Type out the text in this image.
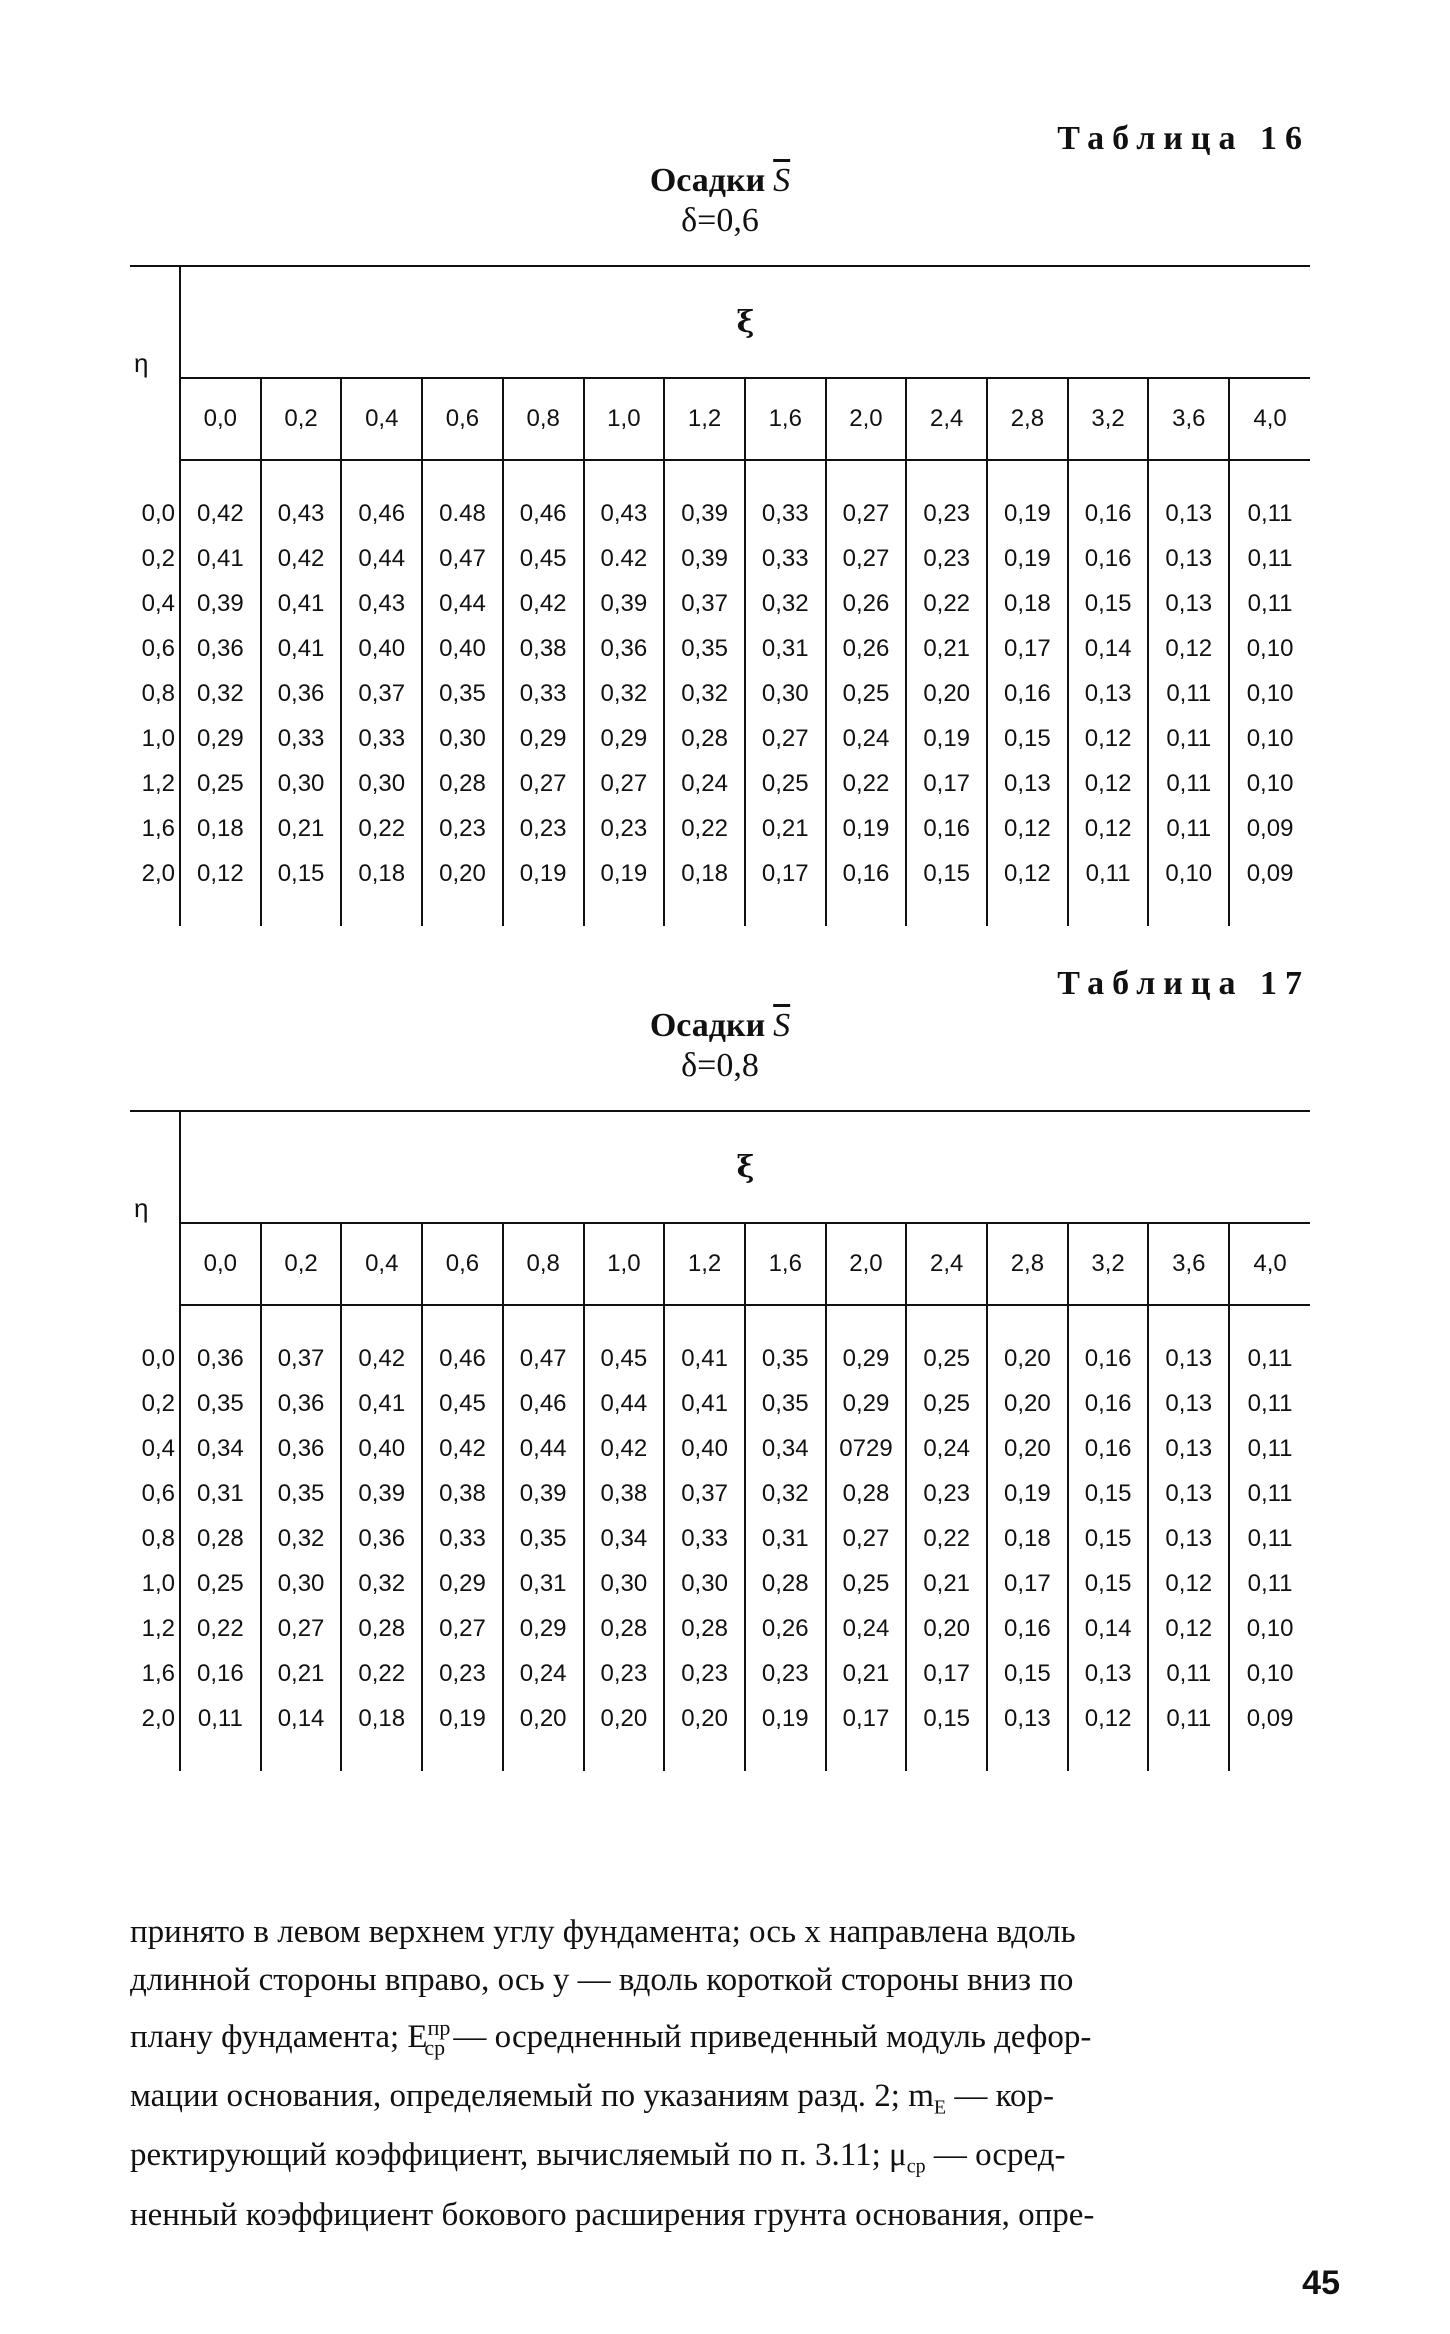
Таблица 16
Осадки $\overline{S}$
δ=0,6
η	ξ													
	0,0	0,2	0,4	0,6	0,8	1,0	1,2	1,6	2,0	2,4	2,8	3,2	3,6	4,0

0,0	0,42	0,43	0,46	0.48	0,46	0,43	0,39	0,33	0,27	0,23	0,19	0,16	0,13	0,11
0,2	0,41	0,42	0,44	0,47	0,45	0.42	0,39	0,33	0,27	0,23	0,19	0,16	0,13	0,11
0,4	0,39	0,41	0,43	0,44	0,42	0,39	0,37	0,32	0,26	0,22	0,18	0,15	0,13	0,11
0,6	0,36	0,41	0,40	0,40	0,38	0,36	0,35	0,31	0,26	0,21	0,17	0,14	0,12	0,10
0,8	0,32	0,36	0,37	0,35	0,33	0,32	0,32	0,30	0,25	0,20	0,16	0,13	0,11	0,10
1,0	0,29	0,33	0,33	0,30	0,29	0,29	0,28	0,27	0,24	0,19	0,15	0,12	0,11	0,10
1,2	0,25	0,30	0,30	0,28	0,27	0,27	0,24	0,25	0,22	0,17	0,13	0,12	0,11	0,10
1,6	0,18	0,21	0,22	0,23	0,23	0,23	0,22	0,21	0,19	0,16	0,12	0,12	0,11	0,09
2,0	0,12	0,15	0,18	0,20	0,19	0,19	0,18	0,17	0,16	0,15	0,12	0,11	0,10	0,09

Таблица 17
Осадки $\overline{S}$
δ=0,8
η	ξ													
	0,0	0,2	0,4	0,6	0,8	1,0	1,2	1,6	2,0	2,4	2,8	3,2	3,6	4,0

0,0	0,36	0,37	0,42	0,46	0,47	0,45	0,41	0,35	0,29	0,25	0,20	0,16	0,13	0,11
0,2	0,35	0,36	0,41	0,45	0,46	0,44	0,41	0,35	0,29	0,25	0,20	0,16	0,13	0,11
0,4	0,34	0,36	0,40	0,42	0,44	0,42	0,40	0,34	0729	0,24	0,20	0,16	0,13	0,11
0,6	0,31	0,35	0,39	0,38	0,39	0,38	0,37	0,32	0,28	0,23	0,19	0,15	0,13	0,11
0,8	0,28	0,32	0,36	0,33	0,35	0,34	0,33	0,31	0,27	0,22	0,18	0,15	0,13	0,11
1,0	0,25	0,30	0,32	0,29	0,31	0,30	0,30	0,28	0,25	0,21	0,17	0,15	0,12	0,11
1,2	0,22	0,27	0,28	0,27	0,29	0,28	0,28	0,26	0,24	0,20	0,16	0,14	0,12	0,10
1,6	0,16	0,21	0,22	0,23	0,24	0,23	0,23	0,23	0,21	0,17	0,15	0,13	0,11	0,10
2,0	0,11	0,14	0,18	0,19	0,20	0,20	0,20	0,19	0,17	0,15	0,13	0,12	0,11	0,09

принято в левом верхнем углу фундамента; ось x направлена вдоль

длинной стороны вправо, ось y — вдоль короткой стороны вниз по

плану фундамента; $E^{пр}_{ср}$ — осредненный приведенный модуль дефор-

мации основания, определяемый по указаниям разд. 2; $m_E$ — кор-

ректирующий коэффициент, вычисляемый по п. 3.11; $\mu_{ср}$ — осред-

ненный коэффициент бокового расширения грунта основания, опре-

45
